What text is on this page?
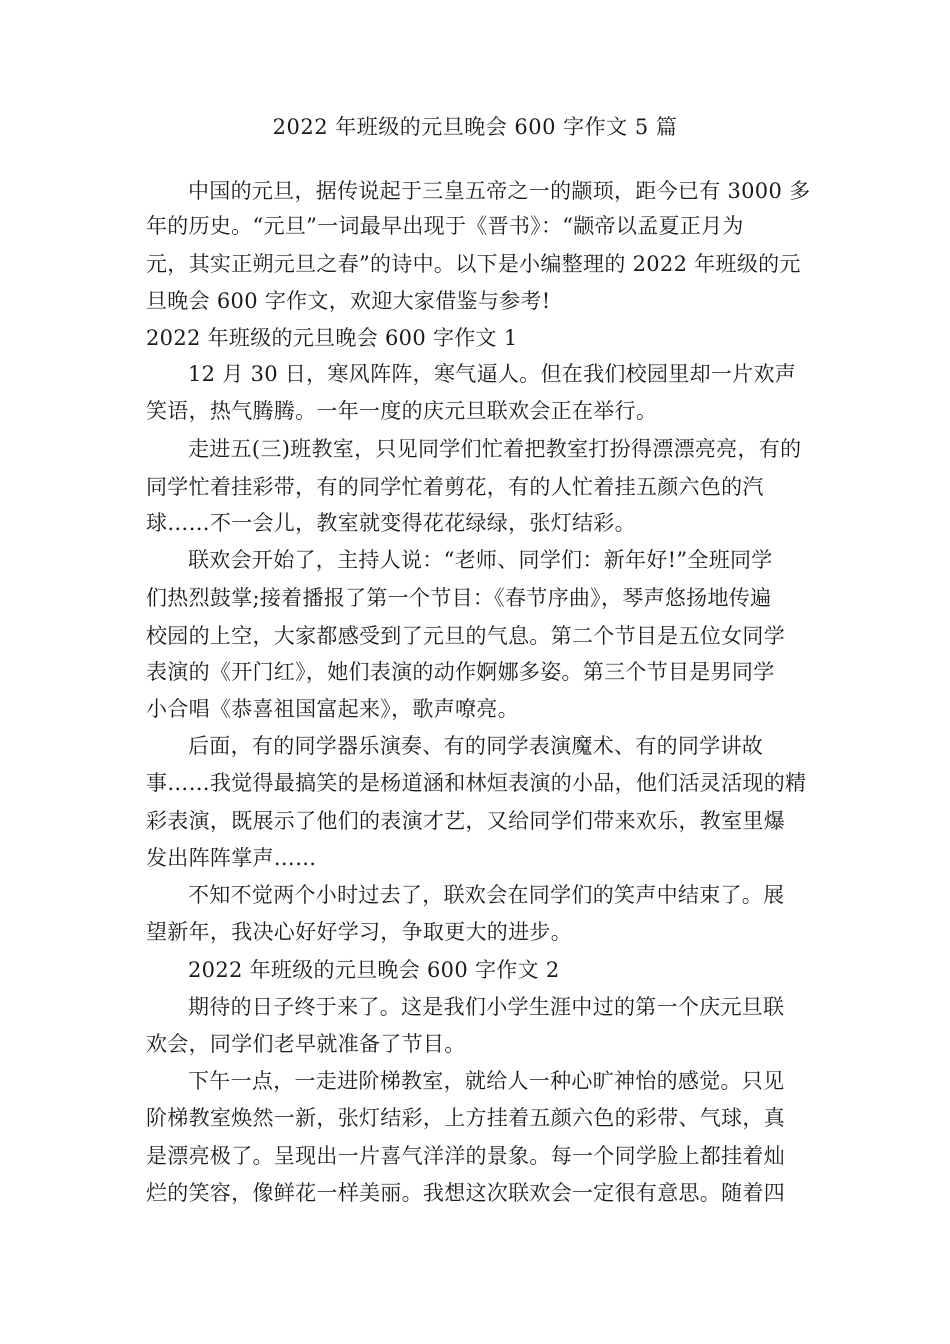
2022 年班级的元旦晚会 600 字作文 5 篇
中国的元旦，据传说起于三皇五帝之一的颛顼，距今已有 3000 多
年的历史。“元旦”一词最早出现于《晋书》：“颛帝以孟夏正月为
元，其实正朔元旦之春”的诗中。以下是小编整理的 2022 年班级的元
旦晚会 600 字作文，欢迎大家借鉴与参考!
2022 年班级的元旦晚会 600 字作文 1
12 月 30 日，寒风阵阵，寒气逼人。但在我们校园里却一片欢声
笑语，热气腾腾。一年一度的庆元旦联欢会正在举行。
走进五(三)班教室，只见同学们忙着把教室打扮得漂漂亮亮，有的
同学忙着挂彩带，有的同学忙着剪花，有的人忙着挂五颜六色的汽
球……不一会儿，教室就变得花花绿绿，张灯结彩。
联欢会开始了，主持人说：“老师、同学们：新年好!”全班同学
们热烈鼓掌;接着播报了第一个节目：《春节序曲》，琴声悠扬地传遍
校园的上空，大家都感受到了元旦的气息。第二个节目是五位女同学
表演的《开门红》，她们表演的动作婀娜多姿。第三个节目是男同学
小合唱《恭喜祖国富起来》，歌声嘹亮。
后面，有的同学器乐演奏、有的同学表演魔术、有的同学讲故
事……我觉得最搞笑的是杨道涵和林烜表演的小品，他们活灵活现的精
彩表演，既展示了他们的表演才艺，又给同学们带来欢乐，教室里爆
发出阵阵掌声……
不知不觉两个小时过去了，联欢会在同学们的笑声中结束了。展
望新年，我决心好好学习，争取更大的进步。
2022 年班级的元旦晚会 600 字作文 2
期待的日子终于来了。这是我们小学生涯中过的第一个庆元旦联
欢会，同学们老早就准备了节目。
下午一点，一走进阶梯教室，就给人一种心旷神怡的感觉。只见
阶梯教室焕然一新，张灯结彩，上方挂着五颜六色的彩带、气球，真
是漂亮极了。呈现出一片喜气洋洋的景象。每一个同学脸上都挂着灿
烂的笑容，像鲜花一样美丽。我想这次联欢会一定很有意思。随着四
